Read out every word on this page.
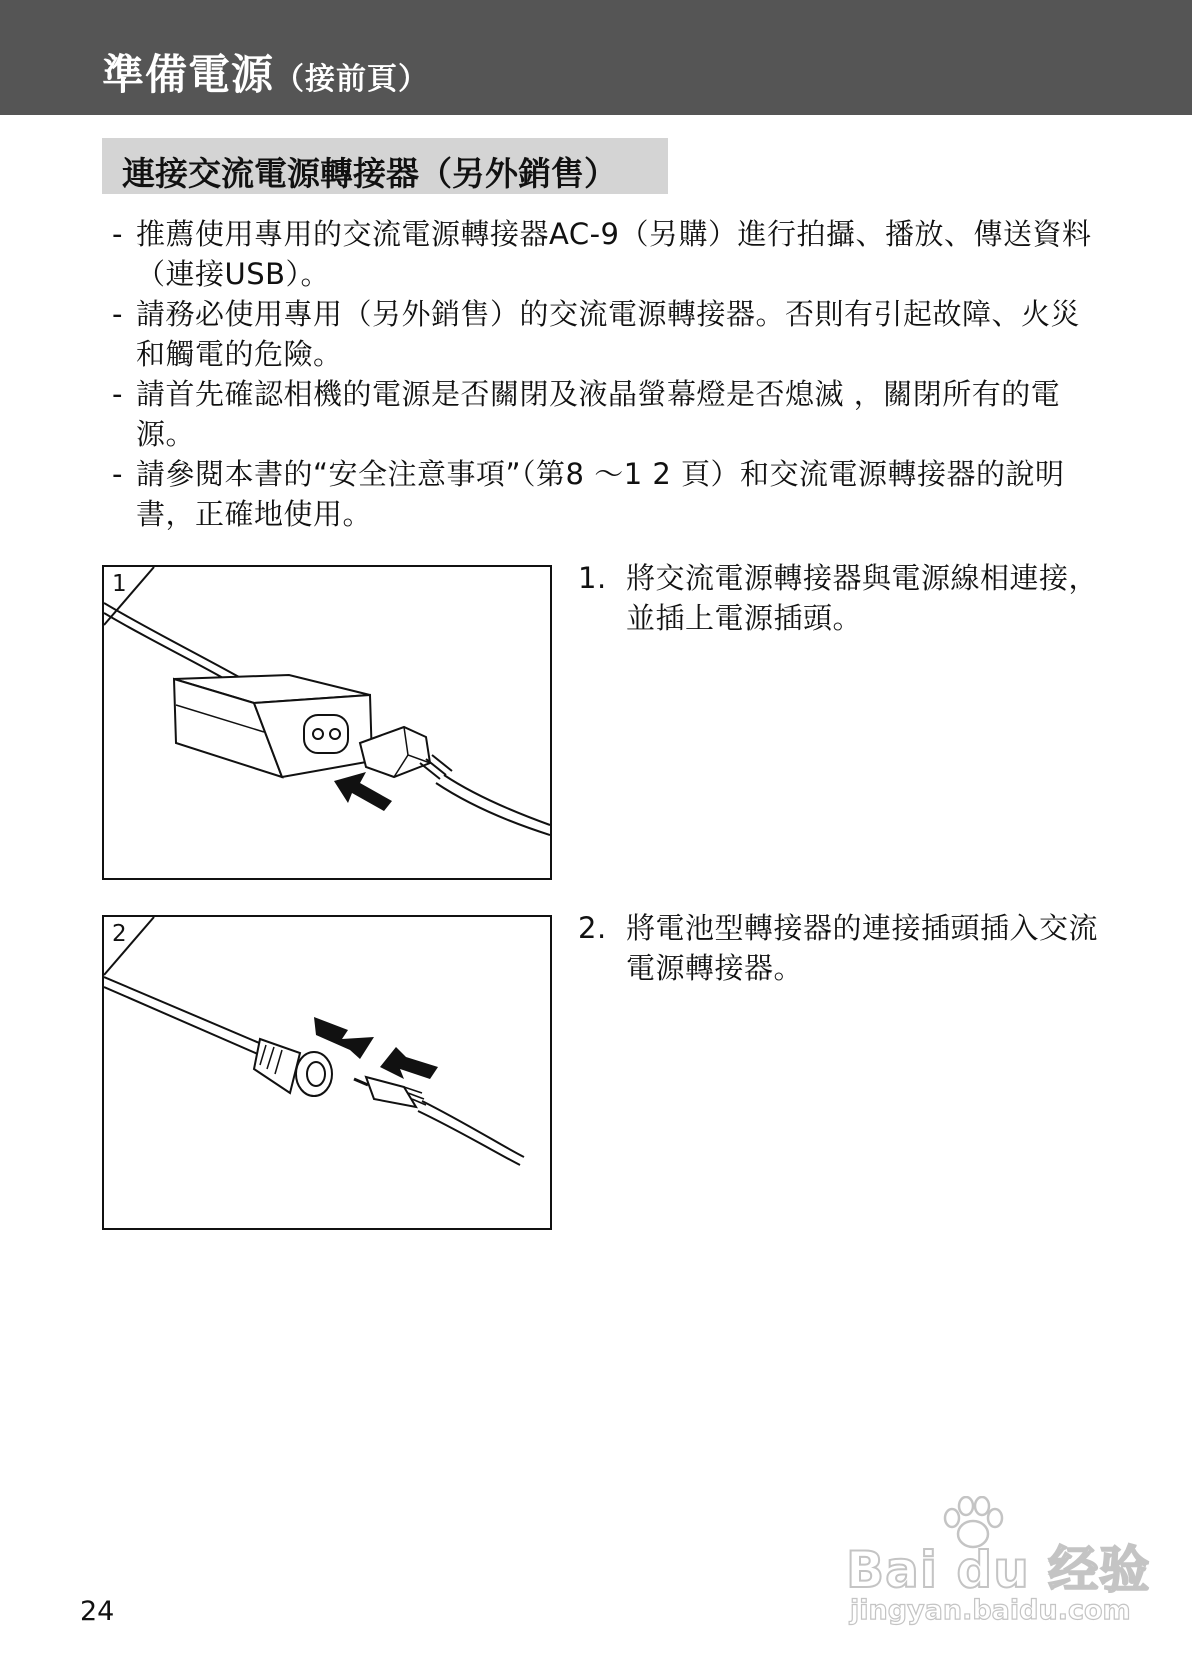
準備電源（接前頁）
連接交流電源轉接器（另外銷售）
- 推薦使用專用的交流電源轉接器AC-9（另購）進行拍攝、播放、傳送資料（連接USB）。
- 請務必使用專用（另外銷售）的交流電源轉接器。否則有引起故障、火災和觸電的危險。
- 請首先確認相機的電源是否關閉及液晶螢幕燈是否熄滅 ，關閉所有的電源。
- 請參閱本書的“安全注意事項”（第8 ～1 2 頁）和交流電源轉接器的說明書，正確地使用。
1
2
1. 將交流電源轉接器與電源線相連接，並插上電源插頭。
2. 將電池型轉接器的連接插頭插入交流電源轉接器。
24
Bai du 经验
jingyan.baidu.com
